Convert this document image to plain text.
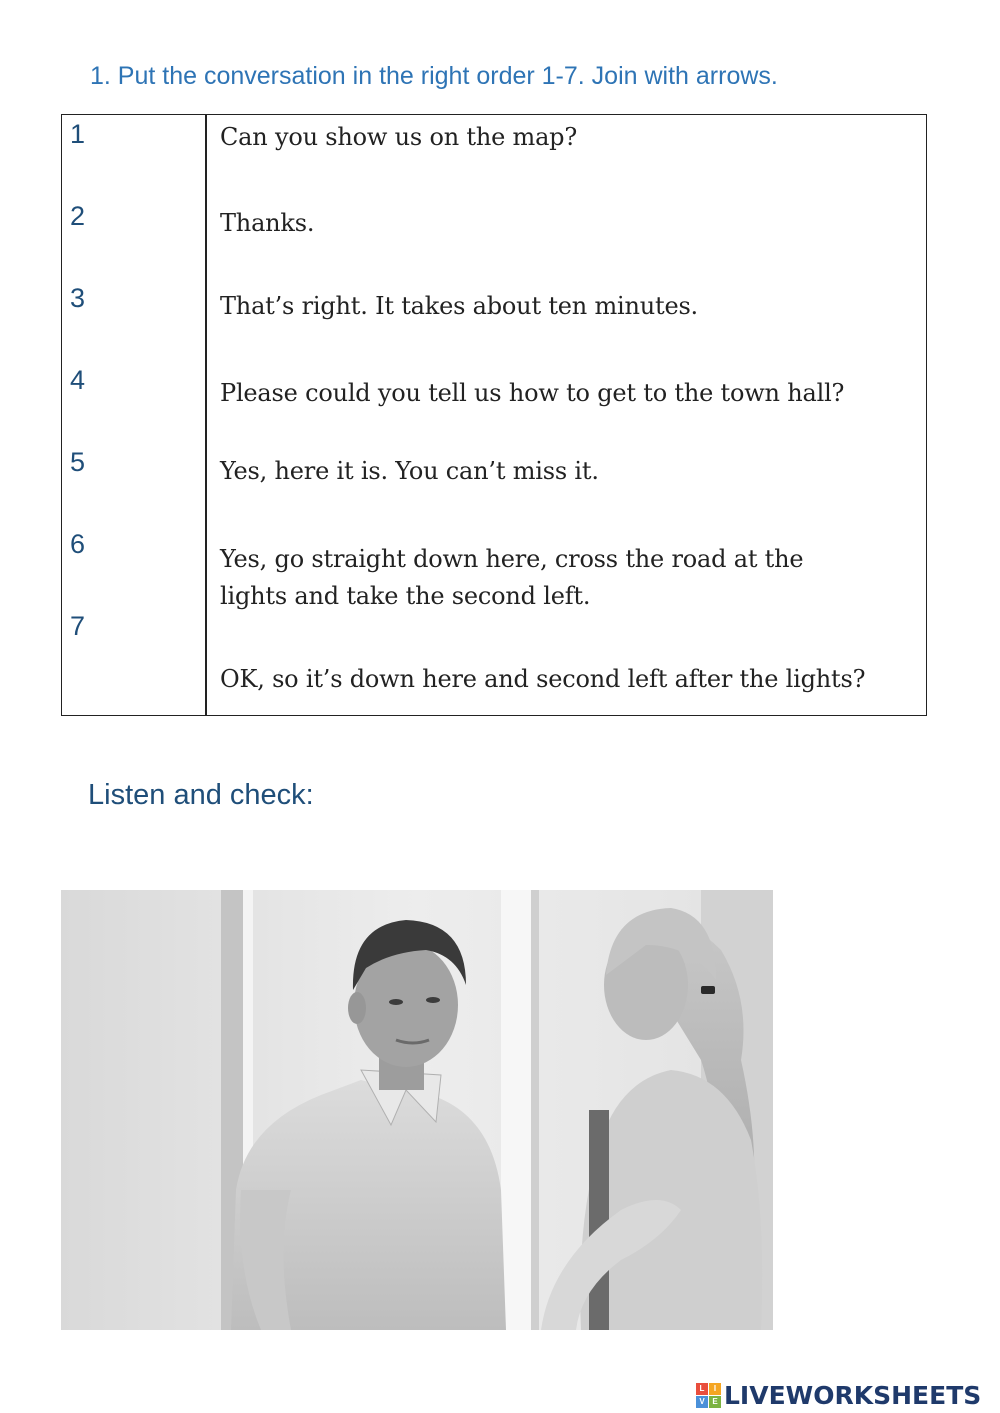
1. Put the conversation in the right order 1-7. Join with arrows.
1
2
3
4
5
6
7
Can you show us on the map?
Thanks.
That’s right. It takes about ten minutes.
Please could you tell us how to get to the town hall?
Yes, here it is. You can’t miss it.
Yes, go straight down here, cross the road at the lights and take the second left.
OK, so it’s down here and second left after the lights?
Listen and check:
L	I
V E LIVEWORKSHEETS
